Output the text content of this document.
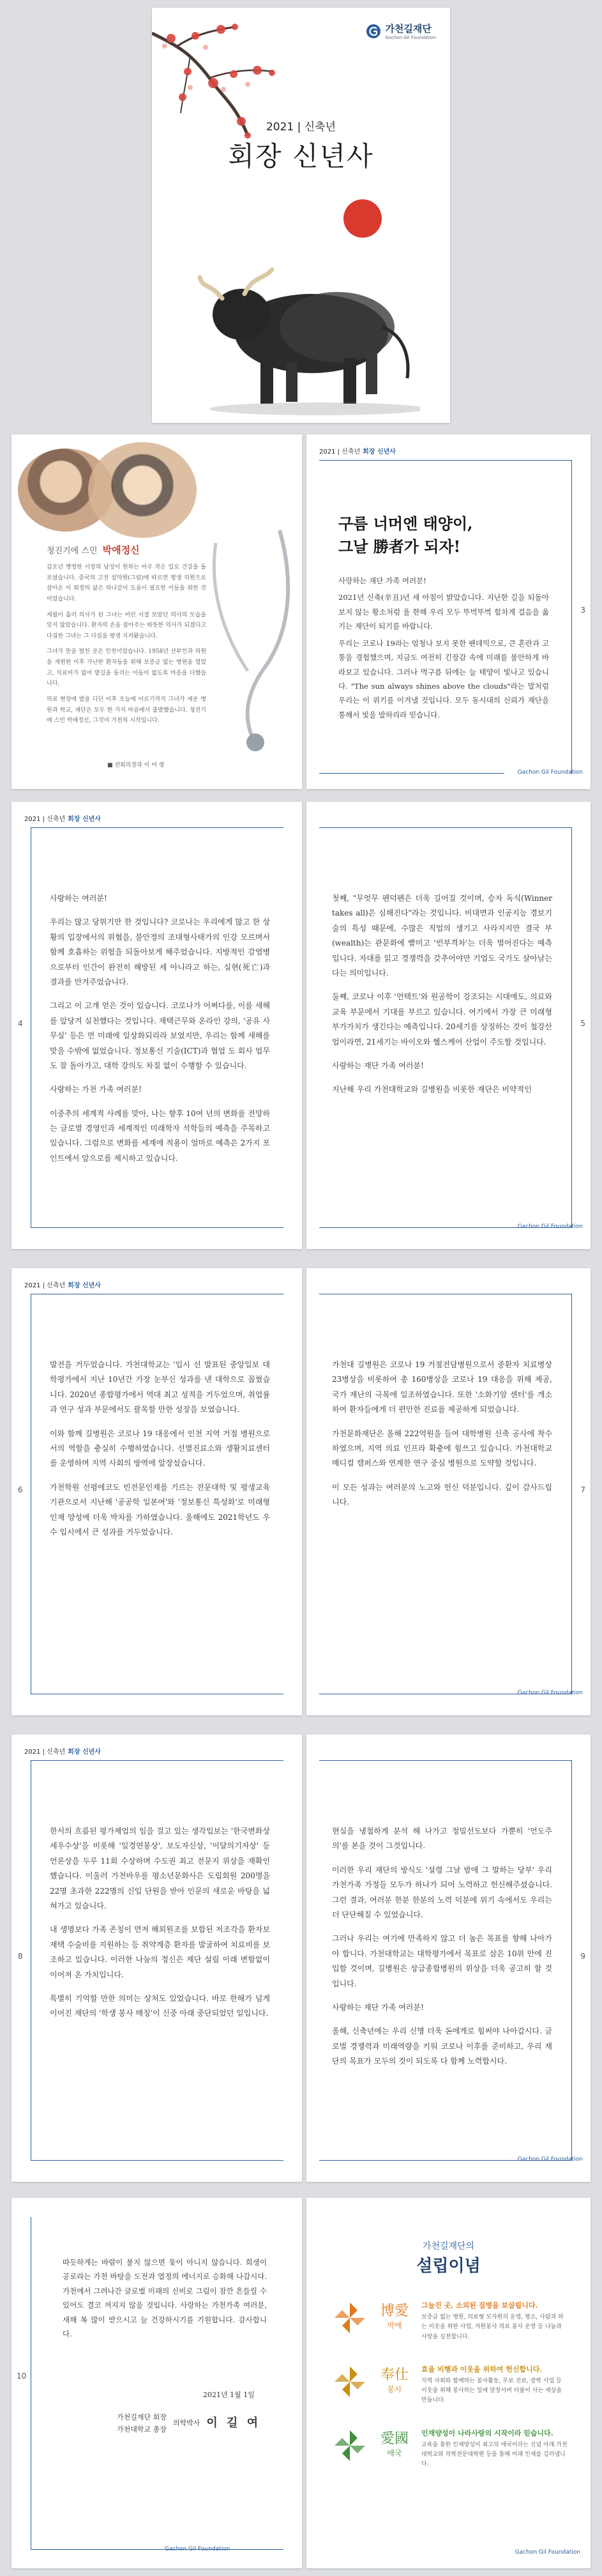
가천길재단
Gachon Gil Foundation
2021 | 신축년
회장 신년사
청진기에 스민 박애정신

갑오년 병영한 서장의 남성이 원하는 아주 작은 일로 건강을 돌보셨습니다. 중국의 고전 설악원(그림)에 따르면 평생 의원으로 살아온 이 회장의 삶은 하나같이 도움이 필요한 이들을 위한 것이었습니다.

세월이 흘러 의사가 된 그녀는 어린 시절 보았던 의사의 모습을 잊지 않았습니다. 환자의 손을 잡아주는 따뜻한 의사가 되겠다고 다짐한 그녀는 그 다짐을 평생 지켜왔습니다.

그녀가 뜻을 펼친 곳은 인천이었습니다. 1958년 산부인과 의원을 개원한 이후 가난한 환자들을 위해 보증금 없는 병원을 열었고, 치료비가 없어 발길을 돌리는 이들이 없도록 마음을 다했습니다.

의료 현장에 발을 디딘 이후 오늘에 이르기까지 그녀가 세운 병원과 학교, 재단은 모두 한 가지 마음에서 출발했습니다. 청진기에 스민 박애정신, 그것이 가천의 시작입니다.

■ 전회의장과 이 어 령
2021 | 신축년 회장 신년사
구름 너머엔 태양이,
그날 勝者가 되자!

사랑하는 재단 가족 여러분!

2021년 신축(辛丑)년 새 아침이 밝았습니다. 지난한 길을 되돌아보지 않는 황소처럼 올 한해 우리 모두 뚜벅뚜벅 힘차게 걸음을 옮기는 재단이 되기를 바랍니다.

우리는 코로나 19라는 엄청나 보지 못한 팬데믹으로, 큰 혼란과 고통을 경험했으며, 지금도 여전히 긴장감 속에 미래를 불안하게 바라보고 있습니다. 그러나 먹구름 뒤에는 늘 태양이 빛나고 있습니다. "The sun always shines above the clouds"라는 말처럼 우리는 이 위기를 이겨낼 것입니다. 모두 동시대의 신뢰가 재단을 통해서 빛을 발하리라 믿습니다.

3
Gachon Gil Foundation
2021 | 신축년 회장 신년사
4

사랑하는 여러분!

우리는 많고 당위기만 한 것입니다? 코로나는 우리에게 많고 한 상황의 입장에서의 위협을, 불안정의 조대형사태가의 인강 모르며서 함께 호흡하는 위험을 되돌아보게 해주었습니다. 지방적인 감염병으로부터 인간이 완전히 해방된 세 아니라고 하는, 실현(死亡)과 결과를 안겨주었습니다.

그리고 이 고개 얻은 것이 있습니다. 코로나가 어쩌다를, 이를 새해를 앞당겨 실천했다는 것입니다. 재택근무와 온라인 강의, '공유 사무실' 등은 먼 미래에 일상화되리라 보였지만, 우리는 함께 새해를 맞을 수밖에 없었습니다. 정보통신 기술(ICT)과 협업 도 회사 업무도 잘 돌아가고, 대학 강의도 차질 없이 수행할 수 있습니다.

사랑하는 가천 가족 여러분!

이중추의 세계적 사례를 맞아, 나는 향후 10여 년의 변화를 전망하는 글로벌 경영인과 세계적인 미래학자 석학들의 예측을 주목하고 있습니다. 그럼으로 변화를 세계에 적용이 얼마로 예측은 2가지 포인트에서 앞으로를 제시하고 있습니다.

5

첫째, "무엇무 펜덕펜은 더욱 길어질 것이며, 승자 독식(Winner takes all)은 심해진다"라는 것입니다. 비대면과 인공지능 경보기술의 특성 때문에, 수많은 직업의 생기고 사라지지만 결국 부(wealth)는 관문화에 빨미고 '빈부격차'는 더욱 벌어진다는 예측입니다. 자대를 읽고 경쟁력을 갖추어야만 기업도 국가도 살아남는다는 의미입니다.

둘째, 코로나 이후 '언택트'와 원공학이 강조되는 시대에도, 의료와 교육 부문에서 기대를 부르고 있습니다. 여기에서 가장 큰 미래형 부가가치가 생긴다는 예측입니다. 20세기를 상징하는 것이 철강산업이라면, 21세기는 바이오와 헬스케어 산업이 주도할 것입니다.

사랑하는 재단 가족 여러분!

지난해 우리 가천대학교와 길병원을 비롯한 재단은 비약적인

Gachon Gil Foundation
2021 | 신축년 회장 신년사
6

발전을 거두었습니다. 가천대학교는 '입시 선 발표된 중앙일보 대학평가에서 지난 10년간 가장 눈부신 성과를 낸 대학으로 꼽혔습니다. 2020년 종합평가에서 역대 최고 성적을 거두었으며, 취업률과 연구 성과 부문에서도 괄목할 만한 성장을 보였습니다.

이와 함께 길병원은 코로나 19 대응에서 인천 지역 거점 병원으로서의 역할을 충실히 수행하였습니다. 선별진료소와 생활치료센터를 운영하며 지역 사회의 방역에 앞장섰습니다.

가천학원 선평에코도 빈전문인재를 기르는 전문대학 및 평생교육기관으로서 지난해 '공공학 일본여'와 '정보통신 특성화'로 미래형 인재 양성에 더욱 박차를 가하였습니다. 올해에도 2021학년도 우수 입시에서 큰 성과를 거두었습니다.

7

가천대 길병원은 코로나 19 거점전담병원으로서 중환자 치료병상 23병상을 비롯하여 총 160병상을 코로나 19 대응을 위해 제공, 국가 재난의 극복에 일조하였습니다. 또한 '소화기암 센터'를 개소하여 환자들에게 더 편안한 진료를 제공하게 되었습니다.

가천문화재단은 올해 222억원을 들여 대학병원 신축 공사에 착수하였으며, 지역 의료 인프라 확충에 힘쓰고 있습니다. 가천대학교 메디컬 캠퍼스와 연계한 연구 중심 병원으로 도약할 것입니다.

이 모든 성과는 여러분의 노고와 헌신 덕분입니다. 깊이 감사드립니다.

Gachon Gil Foundation
2021 | 신축년 회장 신년사
8

한서의 흐름된 평가제업의 임을 걸고 있는 생각입보는 '한국변화상 세우수상'을 비롯해 '일경연봉상', 보도자신상, '이달의기자상' 등 언론상을 두루 11회 수상하며 수도권 최고 전문지 위상을 재확인했습니다. 이울러 가천바우를 평소년문화사은 도립회원 200명을 22명 초과한 222명의 신입 단원을 받아 인문의 새로운 바탕을 넓혀가고 있습니다.

내 생명보다 가족 존칭이 먼저 해외원조를 보합된 저조각을 환자보 재택 수술비를 지원하는 등 취약계층 환자를 발굴하여 치료비를 보조하고 있습니다. 이러한 나눔의 정신은 재단 설립 이래 변함없이 이어져 온 가치입니다.

특별히 기억할 만한 의미는 상처도 있었습니다. 바로 한해가 넘게 이어진 재단의 '학생 봉사 매칭'이 신중 아래 중단되었던 일입니다.

9

현실을 냉철하게 분석 해 나가고 정밀선도보다 가뿐히 '언도주의'를 본을 것이 그것입니다.

이러한 우리 재단의 방식도 '설령 그날 밤에 그 말하는 당부' 우리 가천가족 가정들 모두가 하나가 되어 노력하고 헌신해주셨습니다. 그런 결과, 여러분 한분 한분의 노력 덕분에 위기 속에서도 우리는 더 단단해질 수 있었습니다.

그러나 우리는 여기에 만족하지 않고 더 높은 목표를 향해 나아가야 합니다. 가천대학교는 대학평가에서 목표로 삼은 10위 안에 진입할 것이며, 길병원은 상급종합병원의 위상을 더욱 공고히 할 것입니다.

사랑하는 재단 가족 여러분!

올해, 신축년에는 우리 신명 더욱 돈에게로 힘써야 나아갑시다. 글로벌 경쟁력과 미래역량을 키워 코로나 이후를 준비하고, 우리 재단의 목표가 모두의 것이 되도록 다 함께 노력합시다.

Gachon Gil Foundation
10
따듯하게는 바람이 불지 않으면 돛이 아니지 않습니다. 희생이 공로라는 가천 바탕을 도전과 열정의 에너지로 승화해 나갑시다. 가천에서 그려나간 글로벌 미래의 신비로 그림이 잠깐 흔들릴 수 있어도 결코 꺼지지 않을 것입니다. 사랑하는 가천가족 여러분, 새해 복 많이 받으시고 늘 건강하시기를 기원합니다. 감사합니다.
2021년 1월 1일
가천길재단 회장
가천대학교 총장
의학박사 이 길 여
Gachon Gil Foundation
가천길재단의
설립이념
博愛
박애
그늘진 곳, 소외된 질병을 보살핍니다.
보증금 없는 병원, 의료형 모자원의 운영, 평소, 사람과 하는 이웃을 위한 사업, 자원봉사 의료 봉사 운영 등 나눔과 사랑을 실천합니다.
奉仕
봉사
효율 비행과 이웃을 위하여 헌신합니다.
지역 사회와 함께하는 봉사활동, 무료 진료, 장학 사업 등 이웃을 위해 봉사하는 일에 앞장서며 더불어 사는 세상을 만듭니다.
愛國
애국
인재양성이 나라사랑의 시작이라 믿습니다.
교육을 통한 인재양성이 최고의 애국이라는 신념 아래 가천대학교와 의학전문대학원 등을 통해 미래 인재를 길러냅니다.
Gachon Gil Foundation
